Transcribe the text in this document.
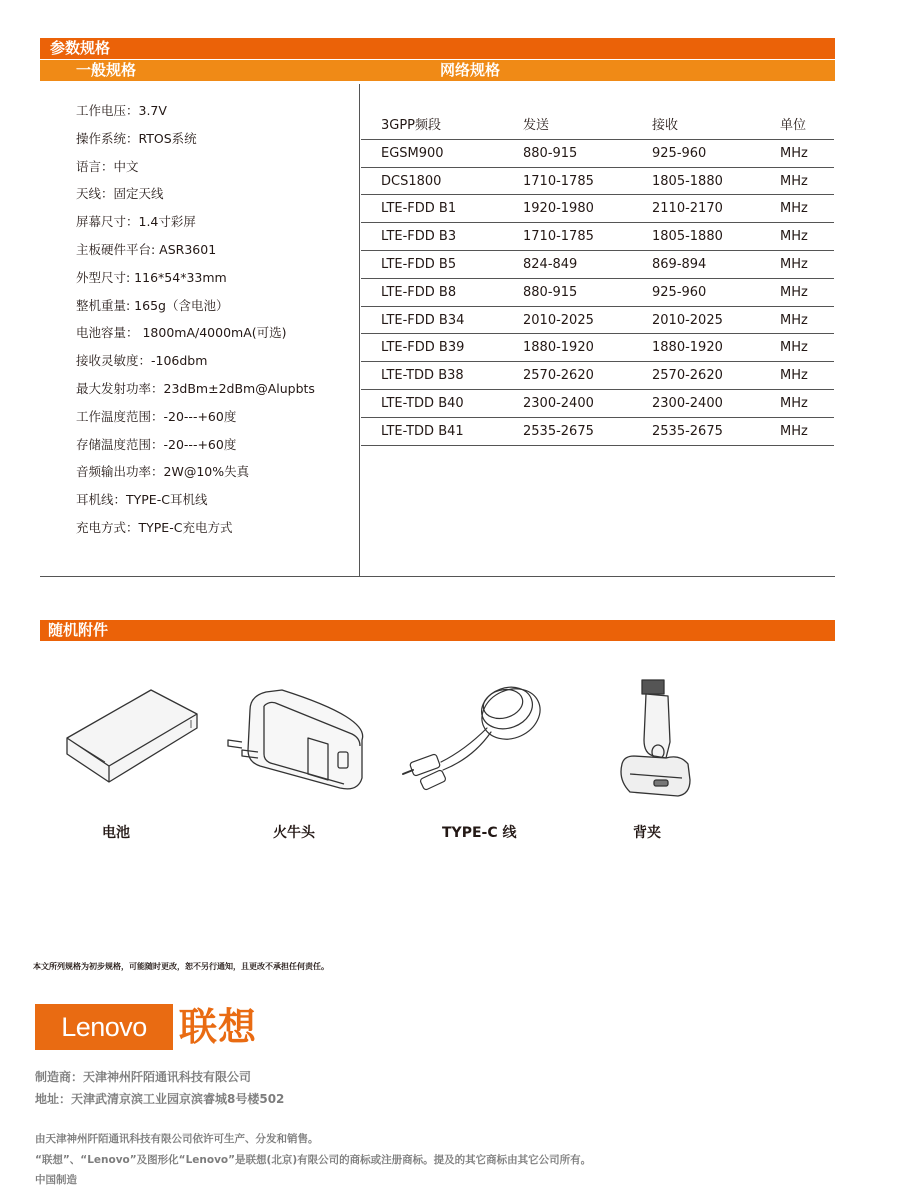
参数规格
一般规格	网络规格
工作电压：3.7V
操作系统：RTOS系统
语言：中文
天线：固定天线
屏幕尺寸：1.4寸彩屏
主板硬件平台: ASR3601
外型尺寸: 116*54*33mm
整机重量: 165g（含电池）
电池容量： 1800mA/4000mA(可选)
接收灵敏度：-106dbm
最大发射功率：23dBm±2dBm@Alupbts
工作温度范围：-20---+60度
存储温度范围：-20---+60度
音频输出功率：2W@10%失真
耳机线：TYPE-C耳机线
充电方式：TYPE-C充电方式
3GPP频段	发送	接收	单位
EGSM900	880-915	925-960	MHz
DCS1800	1710-1785	1805-1880	MHz
LTE-FDD B1	1920-1980	2110-2170	MHz
LTE-FDD B3	1710-1785	1805-1880	MHz
LTE-FDD B5	824-849	869-894	MHz
LTE-FDD B8	880-915	925-960	MHz
LTE-FDD B34	2010-2025	2010-2025	MHz
LTE-FDD B39	1880-1920	1880-1920	MHz
LTE-TDD B38	2570-2620	2570-2620	MHz
LTE-TDD B40	2300-2400	2300-2400	MHz
LTE-TDD B41	2535-2675	2535-2675	MHz
随机附件
电池	火牛头	TYPE-C 线	背夹
本文所列规格为初步规格，可能随时更改，恕不另行通知，且更改不承担任何责任。
Lenovo 联想
制造商：天津神州阡陌通讯科技有限公司
地址：天津武清京滨工业园京滨睿城8号楼502
由天津神州阡陌通讯科技有限公司依许可生产、分发和销售。
“联想”、“Lenovo”及图形化“Lenovo”是联想(北京)有限公司的商标或注册商标。提及的其它商标由其它公司所有。
中国制造
